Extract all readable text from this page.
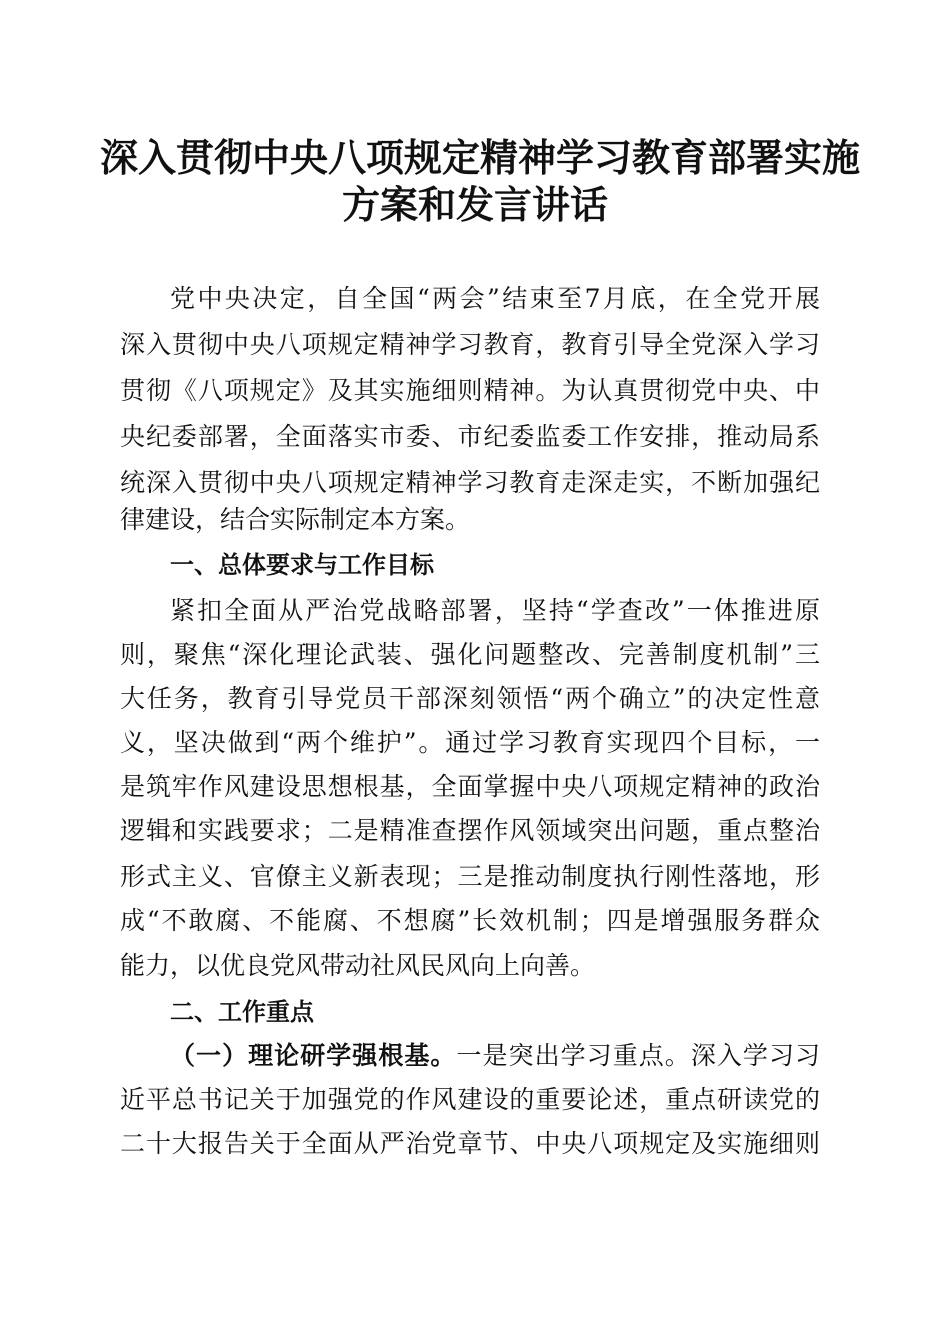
深入贯彻中央八项规定精神学习教育部署实施
方案和发言讲话
党中央决定，自全国“两会”结束至7月底，在全党开展
深入贯彻中央八项规定精神学习教育，教育引导全党深入学习
贯彻《八项规定》及其实施细则精神。为认真贯彻党中央、中
央纪委部署，全面落实市委、市纪委监委工作安排，推动局系
统深入贯彻中央八项规定精神学习教育走深走实，不断加强纪
律建设，结合实际制定本方案。
一、总体要求与工作目标
紧扣全面从严治党战略部署，坚持“学查改”一体推进原
则，聚焦“深化理论武装、强化问题整改、完善制度机制”三
大任务，教育引导党员干部深刻领悟“两个确立”的决定性意
义，坚决做到“两个维护”。通过学习教育实现四个目标，一
是筑牢作风建设思想根基，全面掌握中央八项规定精神的政治
逻辑和实践要求；二是精准查摆作风领域突出问题，重点整治
形式主义、官僚主义新表现；三是推动制度执行刚性落地，形
成“不敢腐、不能腐、不想腐”长效机制；四是增强服务群众
能力，以优良党风带动社风民风向上向善。
二、工作重点
（一）理论研学强根基。一是突出学习重点。深入学习习
近平总书记关于加强党的作风建设的重要论述，重点研读党的
二十大报告关于全面从严治党章节、中央八项规定及实施细则
